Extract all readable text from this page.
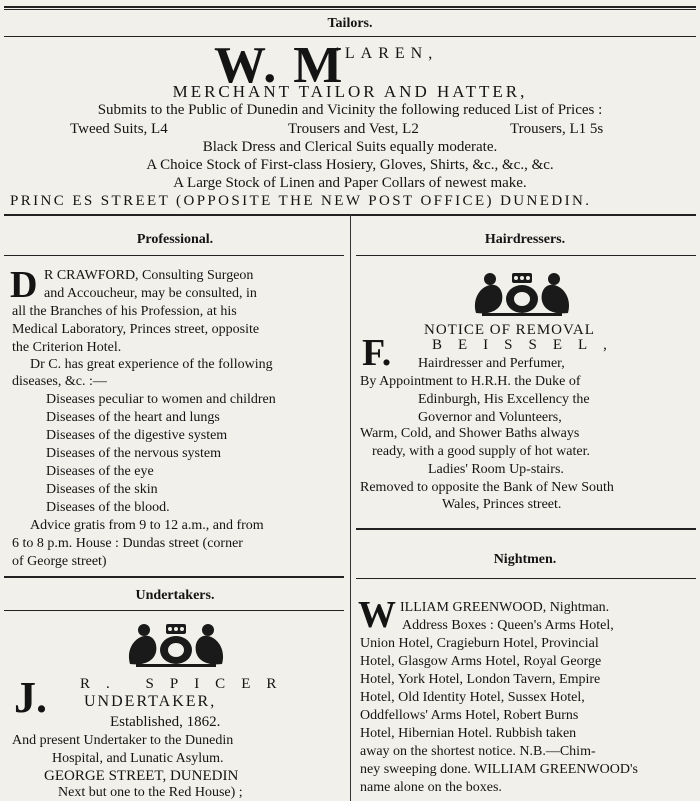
Tailors.
W. M
'LAREN,
MERCHANT TAILOR AND HATTER,
Submits to the Public of Dunedin and Vicinity the following reduced List of Prices :
Tweed Suits, L4	Trousers and Vest, L2	Trousers, L1 5s
Black Dress and Clerical Suits equally moderate.
A Choice Stock of First-class Hosiery, Gloves, Shirts, &c., &c., &c.
A Large Stock of Linen and Paper Collars of newest make.
PRINC ES STREET (OPPOSITE THE NEW POST OFFICE) DUNEDIN.
Professional.
D R CRAWFORD, Consulting Surgeon
and Accoucheur, may be consulted, in
all the Branches of his Profession, at his
Medical Laboratory, Princes street, opposite
the Criterion Hotel.
Dr C. has great experience of the following
diseases, &c. :—
Diseases peculiar to women and children
Diseases of the heart and lungs
Diseases of the digestive system
Diseases of the nervous system
Diseases of the eye
Diseases of the skin
Diseases of the blood.
Advice gratis from 9 to 12 a.m., and from
6 to 8 p.m. House : Dundas street (corner
of George street)
Undertakers.
J. R. SPICER
UNDERTAKER,
Established, 1862.
And present Undertaker to the Dunedin
Hospital, and Lunatic Asylum.
GEORGE STREET, DUNEDIN
Next but one to the Red House) ;
Hairdressers.
NOTICE OF REMOVAL
F.	BEISSEL,
Hairdresser and Perfumer,
By Appointment to H.R.H. the Duke of
Edinburgh, His Excellency the
Governor and Volunteers,
Warm, Cold, and Shower Baths always
ready, with a good supply of hot water.
Ladies' Room Up-stairs.
Removed to opposite the Bank of New South
Wales, Princes street.
Nightmen.
W ILLIAM GREENWOOD, Nightman.
Address Boxes : Queen's Arms Hotel,
Union Hotel, Cragieburn Hotel, Provincial
Hotel, Glasgow Arms Hotel, Royal George
Hotel, York Hotel, London Tavern, Empire
Hotel, Old Identity Hotel, Sussex Hotel,
Oddfellows' Arms Hotel, Robert Burns
Hotel, Hibernian Hotel. Rubbish taken
away on the shortest notice. N.B.—Chim-
ney sweeping done. WILLIAM GREENWOOD's
name alone on the boxes.
